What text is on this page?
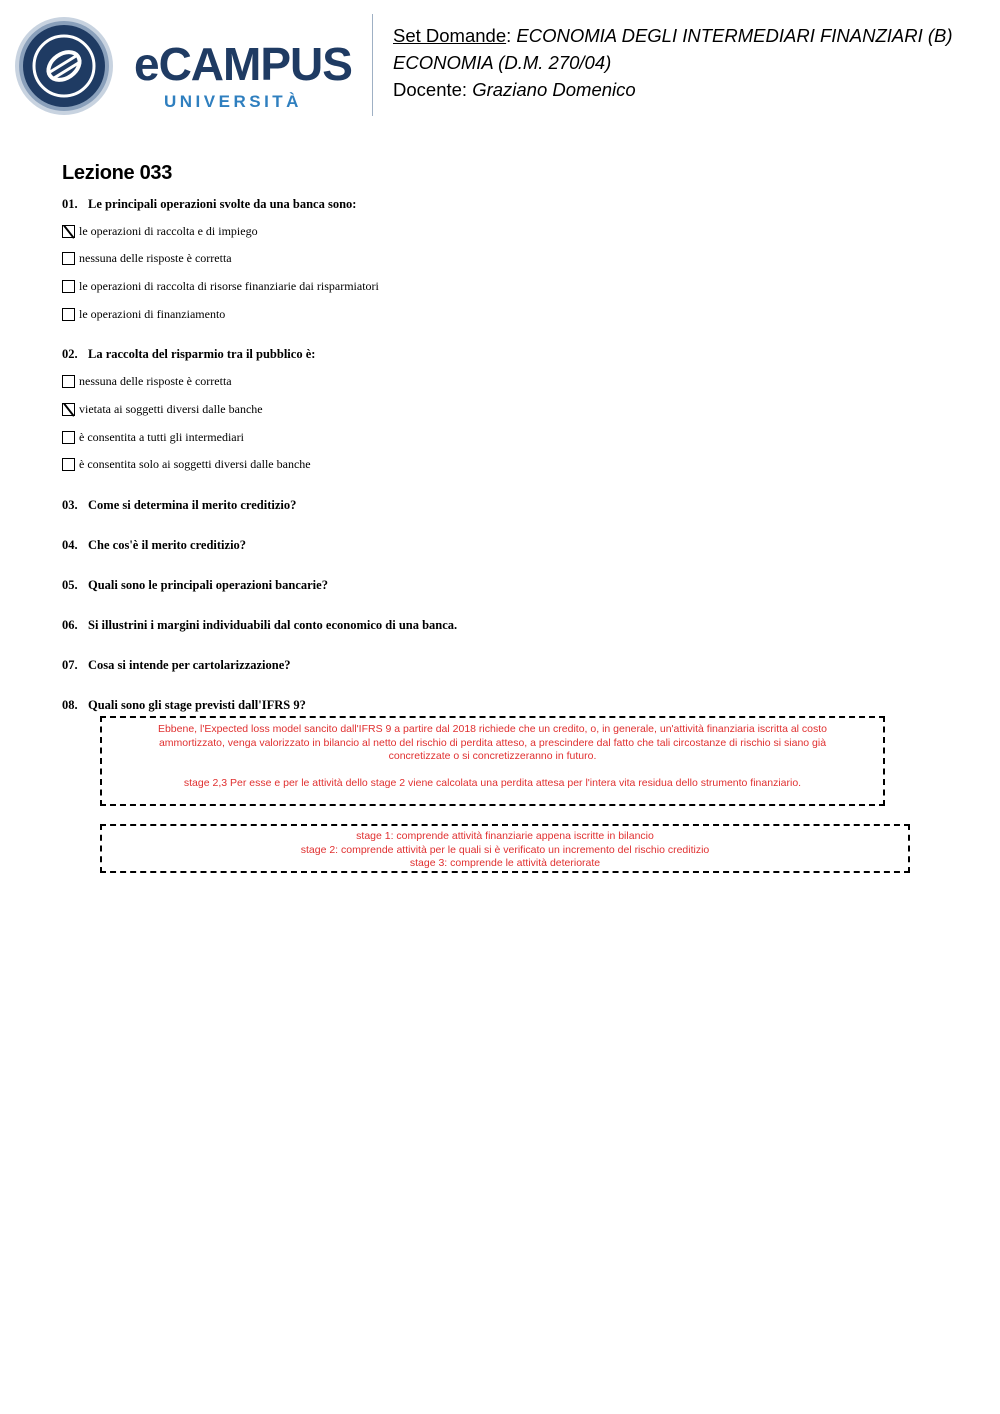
eCAMPUS
UNIVERSITÀ
Set Domande: ECONOMIA DEGLI INTERMEDIARI FINANZIARI (B)
ECONOMIA (D.M. 270/04)
Docente: Graziano Domenico
Lezione 033
01. Le principali operazioni svolte da una banca sono:
le operazioni di raccolta e di impiego
nessuna delle risposte è corretta
le operazioni di raccolta di risorse finanziarie dai risparmiatori
le operazioni di finanziamento
02. La raccolta del risparmio tra il pubblico è:
nessuna delle risposte è corretta
vietata ai soggetti diversi dalle banche
è consentita a tutti gli intermediari
è consentita solo ai soggetti diversi dalle banche
03. Come si determina il merito creditizio?
04. Che cos'è il merito creditizio?
05. Quali sono le principali operazioni bancarie?
06. Si illustrini i margini individuabili dal conto economico di una banca.
07. Cosa si intende per cartolarizzazione?
08. Quali sono gli stage previsti dall'IFRS 9?

Ebbene, l'Expected loss model sancito dall'IFRS 9 a partire dal 2018 richiede che un credito, o, in generale, un'attività finanziaria iscritta al costo ammortizzato, venga valorizzato in bilancio al netto del rischio di perdita atteso, a prescindere dal fatto che tali circostanze di rischio si siano già concretizzate o si concretizzeranno in futuro.

stage 2,3 Per esse e per le attività dello stage 2 viene calcolata una perdita attesa per l'intera vita residua dello strumento finanziario.

stage 1: comprende attività finanziarie appena iscritte in bilancio

stage 2: comprende attività per le quali si è verificato un incremento del rischio creditizio

stage 3: comprende le attività deteriorate
